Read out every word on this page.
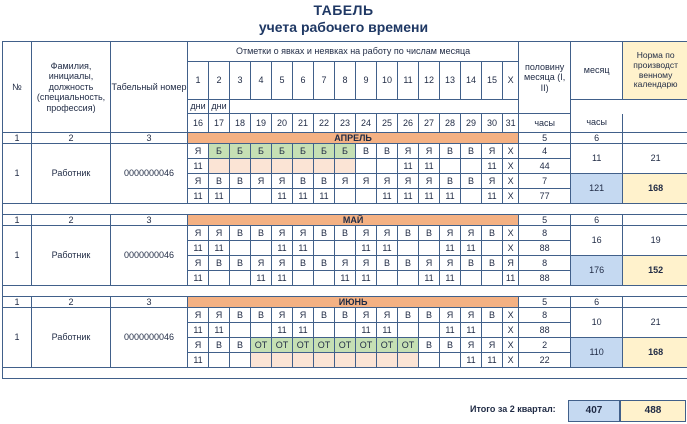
ТАБЕЛЬ
учета рабочего времени
№	Фамилия, инициалы, должность (специальность, профессия)	Табельный номер	Отметки о явках и неявках на работу по числам месяца																половину месяца (I, II)	месяц	Норма по производст венному календарю
			1	2	3	4	5	6	7	8	9	10	11	12	13	14	15	X			
			дни	дни																	
			16	17	18	19	20	21	22	23	24	25	26	27	28	29	30	31	часы	часы	
1	2	3	АПРЕЛЬ																5	6	
1	Работник	0000000046	Я	Б	Б	Б	Б	Б	Б	Б	В	В	Я	Я	В	В	Я	X	4	11	21
			11										11	11			11	X	44		
			Я	В	В	Я	Я	В	В	Я	Я	Я	Я	Я	В	В	Я	X	7	121	168
			11	11			11	11	11			11	11	11	11		11	X	77		

1	2	3	МАЙ																5	6	
1	Работник	0000000046	Я	Я	В	В	Я	Я	В	В	Я	Я	В	В	Я	Я	В	X	8	16	19
			11	11			11	11			11	11			11	11		X	88		
			Я	В	В	Я	Я	В	В	Я	Я	В	В	Я	Я	В	В	Я	8	176	152
			11			11	11			11	11			11	11			11	88		

1	2	3	ИЮНЬ																5	6	
1	Работник	0000000046	Я	Я	В	В	Я	Я	В	В	Я	Я	В	В	Я	Я	В	X	8	10	21
			11	11			11	11			11	11			11	11		X	88		
			Я	В	В	ОТ	ОТ	ОТ	ОТ	ОТ	ОТ	ОТ	ОТ	В	В	Я	Я	X	2	110	168
			11													11	11	X	22		

Итого за 2 квартал:	407	488
